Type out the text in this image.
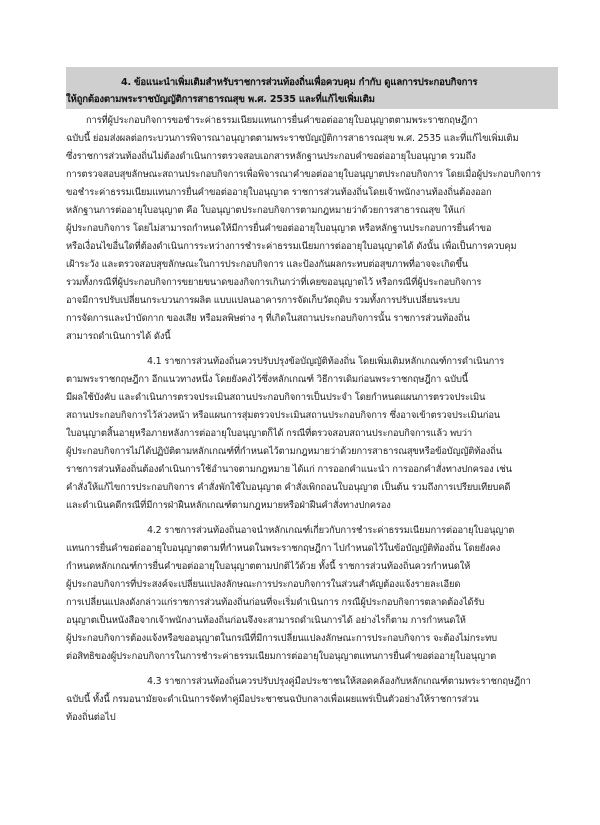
4. ข้อแนะนำเพิ่มเติมสำหรับราชการส่วนท้องถิ่นเพื่อควบคุม กำกับ ดูแลการประกอบกิจการ
ให้ถูกต้องตามพระราชบัญญัติการสาธารณสุข พ.ศ. 2535 และที่แก้ไขเพิ่มเติม
การที่ผู้ประกอบกิจการขอชำระค่าธรรมเนียมแทนการยื่นคำขอต่ออายุใบอนุญาตตามพระราชกฤษฎีกา
ฉบับนี้ ย่อมส่งผลต่อกระบวนการพิจารณาอนุญาตตามพระราชบัญญัติการสาธารณสุข พ.ศ. 2535 และที่แก้ไขเพิ่มเติม
ซึ่งราชการส่วนท้องถิ่นไม่ต้องดำเนินการตรวจสอบเอกสารหลักฐานประกอบคำขอต่ออายุใบอนุญาต รวมถึง
การตรวจสอบสุขลักษณะสถานประกอบกิจการเพื่อพิจารณาคำขอต่ออายุใบอนุญาตประกอบกิจการ โดยเมื่อผู้ประกอบกิจการ
ขอชำระค่าธรรมเนียมแทนการยื่นคำขอต่ออายุใบอนุญาต ราชการส่วนท้องถิ่นโดยเจ้าพนักงานท้องถิ่นต้องออก
หลักฐานการต่ออายุใบอนุญาต คือ ใบอนุญาตประกอบกิจการตามกฎหมายว่าด้วยการสาธารณสุข ให้แก่
ผู้ประกอบกิจการ โดยไม่สามารถกำหนดให้มีการยื่นคำขอต่ออายุใบอนุญาต หรือหลักฐานประกอบการยื่นคำขอ
หรือเงื่อนไขอื่นใดที่ต้องดำเนินการระหว่างการชำระค่าธรรมเนียมการต่ออายุใบอนุญาตได้ ดังนั้น เพื่อเป็นการควบคุม
เฝ้าระวัง และตรวจสอบสุขลักษณะในการประกอบกิจการ และป้องกันผลกระทบต่อสุขภาพที่อาจจะเกิดขึ้น
รวมทั้งกรณีที่ผู้ประกอบกิจการขยายขนาดของกิจการเกินกว่าที่เคยขออนุญาตไว้ หรือกรณีที่ผู้ประกอบกิจการ
อาจมีการปรับเปลี่ยนกระบวนการผลิต แบบแปลนอาคารการจัดเก็บวัตถุดิบ รวมทั้งการปรับเปลี่ยนระบบ
การจัดการและบำบัดกาก ของเสีย หรือมลพิษต่าง ๆ ที่เกิดในสถานประกอบกิจการนั้น ราชการส่วนท้องถิ่น
สามารถดำเนินการได้ ดังนี้
4.1 ราชการส่วนท้องถิ่นควรปรับปรุงข้อบัญญัติท้องถิ่น โดยเพิ่มเติมหลักเกณฑ์การดำเนินการ
ตามพระราชกฤษฎีกา อีกแนวทางหนึ่ง โดยยังคงไว้ซึ่งหลักเกณฑ์ วิธีการเดิมก่อนพระราชกฤษฎีกา ฉบับนี้
มีผลใช้บังคับ และดำเนินการตรวจประเมินสถานประกอบกิจการเป็นประจำ โดยกำหนดแผนการตรวจประเมิน
สถานประกอบกิจการไว้ล่วงหน้า หรือแผนการสุ่มตรวจประเมินสถานประกอบกิจการ ซึ่งอาจเข้าตรวจประเมินก่อน
ใบอนุญาตสิ้นอายุหรือภายหลังการต่ออายุใบอนุญาตก็ได้ กรณีที่ตรวจสอบสถานประกอบกิจการแล้ว พบว่า
ผู้ประกอบกิจการไม่ได้ปฏิบัติตามหลักเกณฑ์ที่กำหนดไว้ตามกฎหมายว่าด้วยการสาธารณสุขหรือข้อบัญญัติท้องถิ่น
ราชการส่วนท้องถิ่นต้องดำเนินการใช้อำนาจตามกฎหมาย ได้แก่ การออกคำแนะนำ การออกคำสั่งทางปกครอง เช่น
คำสั่งให้แก้ไขการประกอบกิจการ คำสั่งพักใช้ใบอนุญาต คำสั่งเพิกถอนใบอนุญาต เป็นต้น รวมถึงการเปรียบเทียบคดี
และดำเนินคดีกรณีที่มีการฝ่าฝืนหลักเกณฑ์ตามกฎหมายหรือฝ่าฝืนคำสั่งทางปกครอง
4.2 ราชการส่วนท้องถิ่นอาจนำหลักเกณฑ์เกี่ยวกับการชำระค่าธรรมเนียมการต่ออายุใบอนุญาต
แทนการยื่นคำขอต่ออายุใบอนุญาตตามที่กำหนดในพระราชกฤษฎีกา ไปกำหนดไว้ในข้อบัญญัติท้องถิ่น โดยยังคง
กำหนดหลักเกณฑ์การยื่นคำขอต่ออายุใบอนุญาตตามปกติไว้ด้วย ทั้งนี้ ราชการส่วนท้องถิ่นควรกำหนดให้
ผู้ประกอบกิจการที่ประสงค์จะเปลี่ยนแปลงลักษณะการประกอบกิจการในส่วนสำคัญต้องแจ้งรายละเอียด
การเปลี่ยนแปลงดังกล่าวแก่ราชการส่วนท้องถิ่นก่อนที่จะเริ่มดำเนินการ กรณีผู้ประกอบกิจการตลาดต้องได้รับ
อนุญาตเป็นหนังสือจากเจ้าพนักงานท้องถิ่นก่อนจึงจะสามารถดำเนินการได้ อย่างไรก็ตาม การกำหนดให้
ผู้ประกอบกิจการต้องแจ้งหรือขออนุญาตในกรณีที่มีการเปลี่ยนแปลงลักษณะการประกอบกิจการ จะต้องไม่กระทบ
ต่อสิทธิของผู้ประกอบกิจการในการชำระค่าธรรมเนียมการต่ออายุใบอนุญาตแทนการยื่นคำขอต่ออายุใบอนุญาต
4.3 ราชการส่วนท้องถิ่นควรปรับปรุงคู่มือประชาชนให้สอดคล้องกับหลักเกณฑ์ตามพระราชกฤษฎีกา
ฉบับนี้ ทั้งนี้ กรมอนามัยจะดำเนินการจัดทำคู่มือประชาชนฉบับกลางเพื่อเผยแพร่เป็นตัวอย่างให้ราชการส่วน
ท้องถิ่นต่อไป
